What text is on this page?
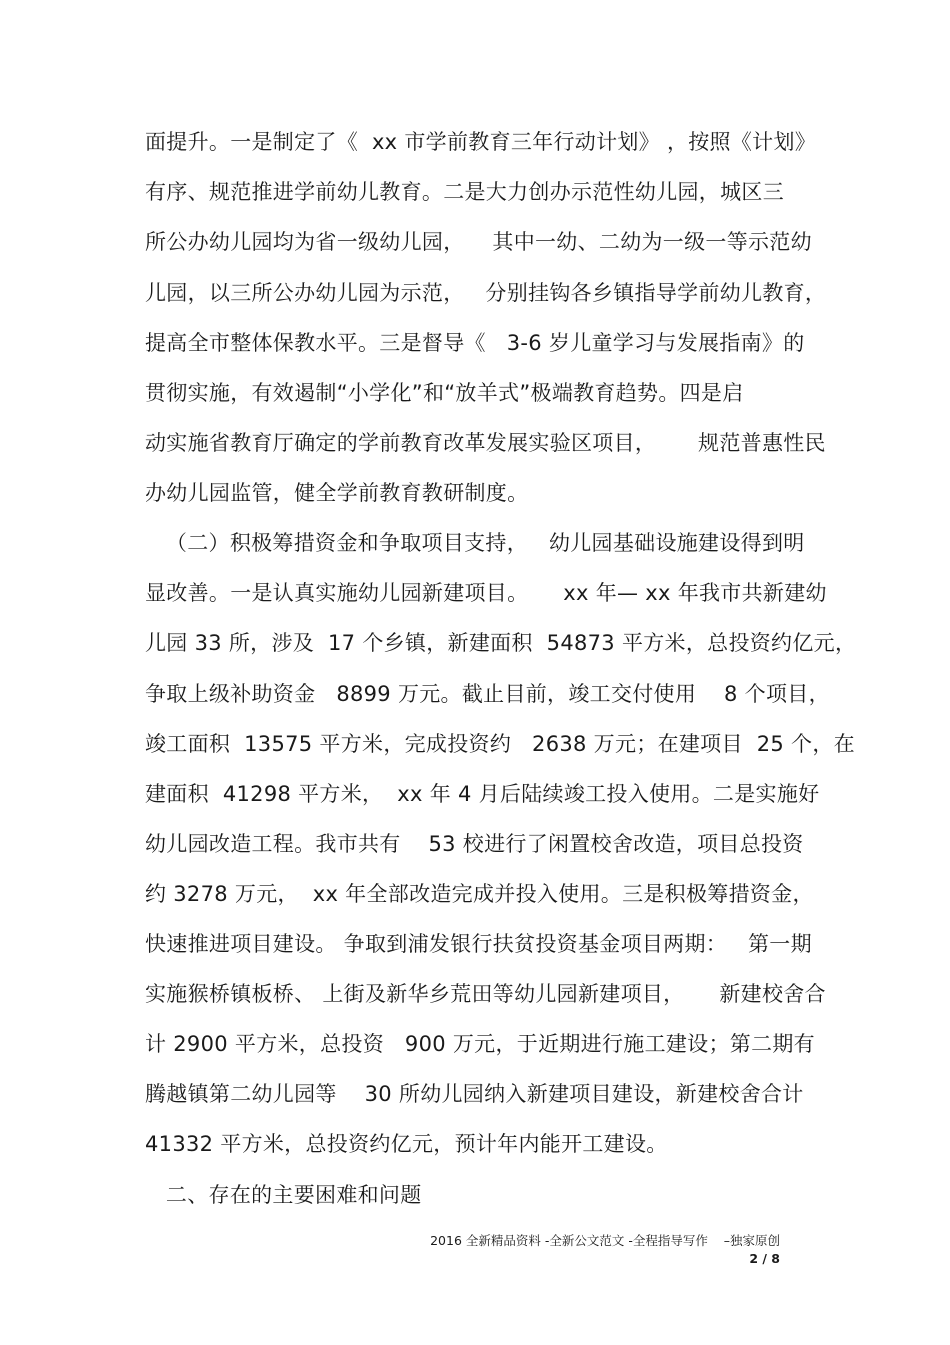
面提升。一是制定了《  xx 市学前教育三年行动计划》 ，按照《计划》
有序、规范推进学前幼儿教育。二是大力创办示范性幼儿园，城区三
所公办幼儿园均为省一级幼儿园，    其中一幼、二幼为一级一等示范幼
儿园，以三所公办幼儿园为示范，   分别挂钩各乡镇指导学前幼儿教育，
提高全市整体保教水平。三是督导《   3-6 岁儿童学习与发展指南》的
贯彻实施，有效遏制“小学化”和“放羊式”极端教育趋势。四是启
动实施省教育厅确定的学前教育改革发展实验区项目，      规范普惠性民
办幼儿园监管，健全学前教育教研制度。
（二）积极筹措资金和争取项目支持，   幼儿园基础设施建设得到明
显改善。一是认真实施幼儿园新建项目。     xx 年— xx 年我市共新建幼
儿园 33 所，涉及  17 个乡镇，新建面积  54873 平方米，总投资约亿元，
争取上级补助资金   8899 万元。截止目前，竣工交付使用    8 个项目，
竣工面积  13575 平方米，完成投资约   2638 万元；在建项目  25 个，在
建面积  41298 平方米，  xx 年 4 月后陆续竣工投入使用。二是实施好
幼儿园改造工程。我市共有    53 校进行了闲置校舍改造，项目总投资
约 3278 万元，  xx 年全部改造完成并投入使用。三是积极筹措资金，
快速推进项目建设。 争取到浦发银行扶贫投资基金项目两期：   第一期
实施猴桥镇板桥、 上街及新华乡荒田等幼儿园新建项目，     新建校舍合
计 2900 平方米，总投资   900 万元，于近期进行施工建设；第二期有
腾越镇第二幼儿园等    30 所幼儿园纳入新建项目建设，新建校舍合计
41332 平方米，总投资约亿元，预计年内能开工建设。
二、存在的主要困难和问题
2016 全新精品资料 -全新公文范文 -全程指导写作    –独家原创
2 / 8
